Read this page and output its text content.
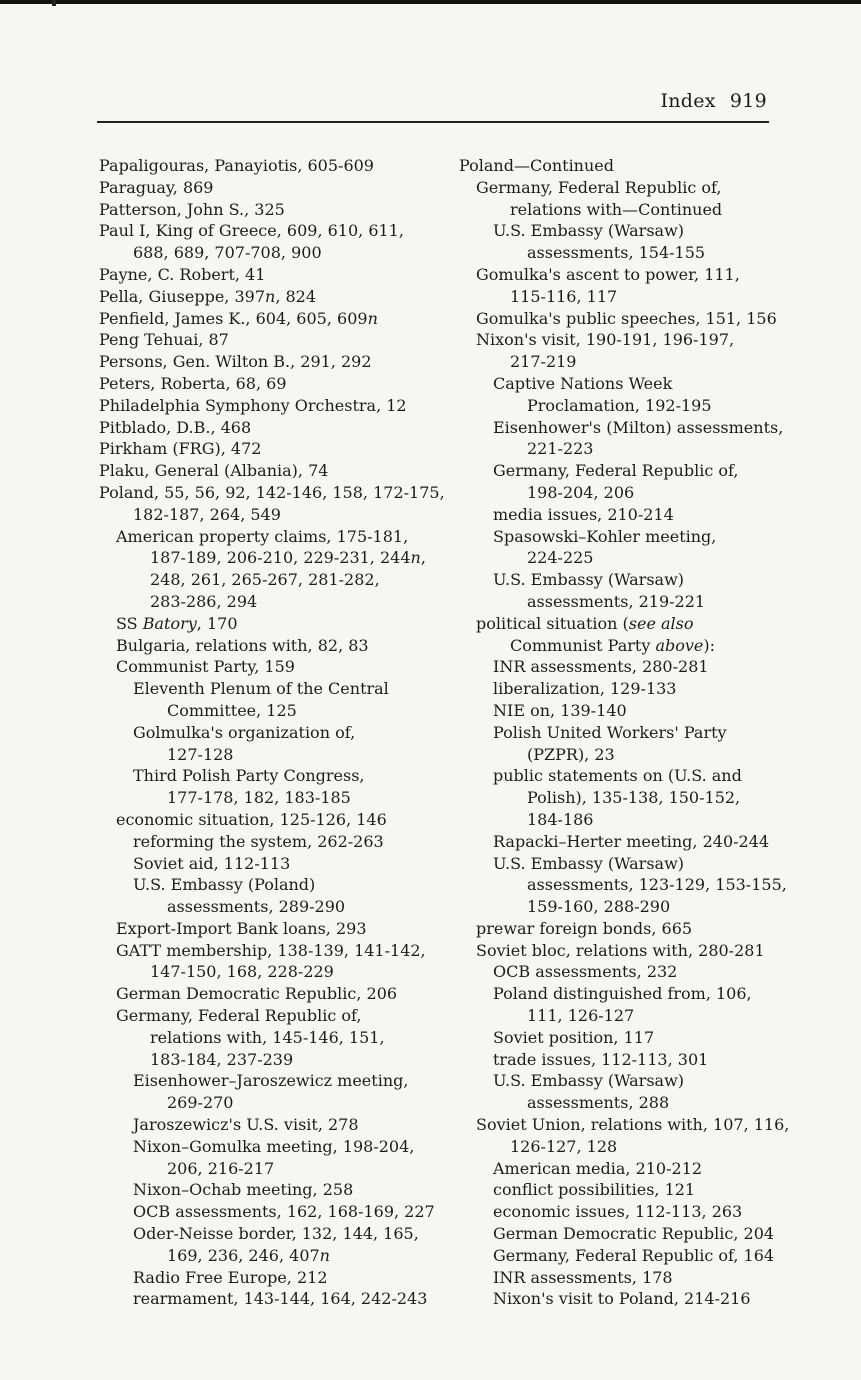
Index 919
Papaligouras, Panayiotis, 605-609
Paraguay, 869
Patterson, John S., 325
Paul I, King of Greece, 609, 610, 611,
688, 689, 707-708, 900
Payne, C. Robert, 41
Pella, Giuseppe, 397n, 824
Penfield, James K., 604, 605, 609n
Peng Tehuai, 87
Persons, Gen. Wilton B., 291, 292
Peters, Roberta, 68, 69
Philadelphia Symphony Orchestra, 12
Pitblado, D.B., 468
Pirkham (FRG), 472
Plaku, General (Albania), 74
Poland, 55, 56, 92, 142-146, 158, 172-175,
182-187, 264, 549
American property claims, 175-181,
187-189, 206-210, 229-231, 244n,
248, 261, 265-267, 281-282,
283-286, 294
SS Batory, 170
Bulgaria, relations with, 82, 83
Communist Party, 159
Eleventh Plenum of the Central
Committee, 125
Golmulka's organization of,
127-128
Third Polish Party Congress,
177-178, 182, 183-185
economic situation, 125-126, 146
reforming the system, 262-263
Soviet aid, 112-113
U.S. Embassy (Poland)
assessments, 289-290
Export-Import Bank loans, 293
GATT membership, 138-139, 141-142,
147-150, 168, 228-229
German Democratic Republic, 206
Germany, Federal Republic of,
relations with, 145-146, 151,
183-184, 237-239
Eisenhower–Jaroszewicz meeting,
269-270
Jaroszewicz's U.S. visit, 278
Nixon–Gomulka meeting, 198-204,
206, 216-217
Nixon–Ochab meeting, 258
OCB assessments, 162, 168-169, 227
Oder-Neisse border, 132, 144, 165,
169, 236, 246, 407n
Radio Free Europe, 212
rearmament, 143-144, 164, 242-243
Poland—Continued
Germany, Federal Republic of,
relations with—Continued
U.S. Embassy (Warsaw)
assessments, 154-155
Gomulka's ascent to power, 111,
115-116, 117
Gomulka's public speeches, 151, 156
Nixon's visit, 190-191, 196-197,
217-219
Captive Nations Week
Proclamation, 192-195
Eisenhower's (Milton) assessments,
221-223
Germany, Federal Republic of,
198-204, 206
media issues, 210-214
Spasowski–Kohler meeting,
224-225
U.S. Embassy (Warsaw)
assessments, 219-221
political situation (see also
Communist Party above):
INR assessments, 280-281
liberalization, 129-133
NIE on, 139-140
Polish United Workers' Party
(PZPR), 23
public statements on (U.S. and
Polish), 135-138, 150-152,
184-186
Rapacki–Herter meeting, 240-244
U.S. Embassy (Warsaw)
assessments, 123-129, 153-155,
159-160, 288-290
prewar foreign bonds, 665
Soviet bloc, relations with, 280-281
OCB assessments, 232
Poland distinguished from, 106,
111, 126-127
Soviet position, 117
trade issues, 112-113, 301
U.S. Embassy (Warsaw)
assessments, 288
Soviet Union, relations with, 107, 116,
126-127, 128
American media, 210-212
conflict possibilities, 121
economic issues, 112-113, 263
German Democratic Republic, 204
Germany, Federal Republic of, 164
INR assessments, 178
Nixon's visit to Poland, 214-216
